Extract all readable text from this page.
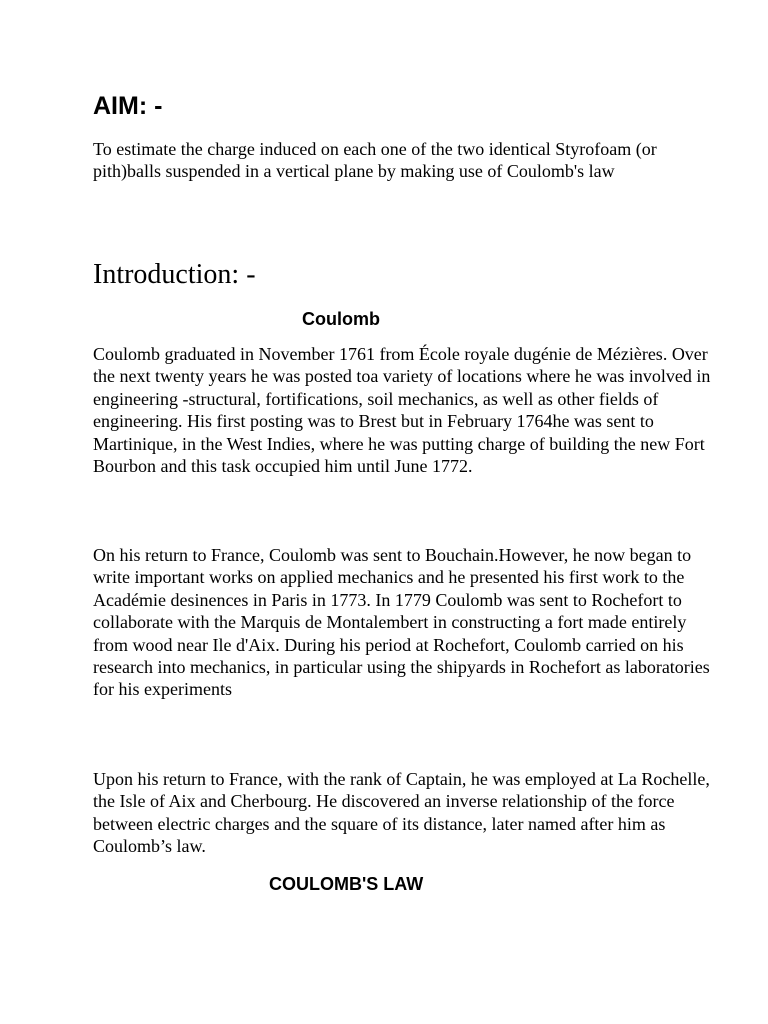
AIM: -

To estimate the charge induced on each one of the two identical Styrofoam (or pith)balls suspended in a vertical plane by making use of Coulomb's law

Introduction: -
Coulomb

Coulomb graduated in November 1761 from École royale dugénie de Mézières. Over the next twenty years he was posted toa variety of locations where he was involved in engineering -structural, fortifications, soil mechanics, as well as other fields of engineering. His first posting was to Brest but in February 1764he was sent to Martinique, in the West Indies, where he was putting charge of building the new Fort Bourbon and this task occupied him until June 1772.

On his return to France, Coulomb was sent to Bouchain.However, he now began to write important works on applied mechanics and he presented his first work to the Académie desinences in Paris in 1773. In 1779 Coulomb was sent to Rochefort to collaborate with the Marquis de Montalembert in constructing a fort made entirely from wood near Ile d'Aix. During his period at Rochefort, Coulomb carried on his research into mechanics, in particular using the shipyards in Rochefort as laboratories for his experiments

Upon his return to France, with the rank of Captain, he was employed at La Rochelle, the Isle of Aix and Cherbourg. He discovered an inverse relationship of the force between electric charges and the square of its distance, later named after him as Coulomb’s law.

COULOMB'S LAW
